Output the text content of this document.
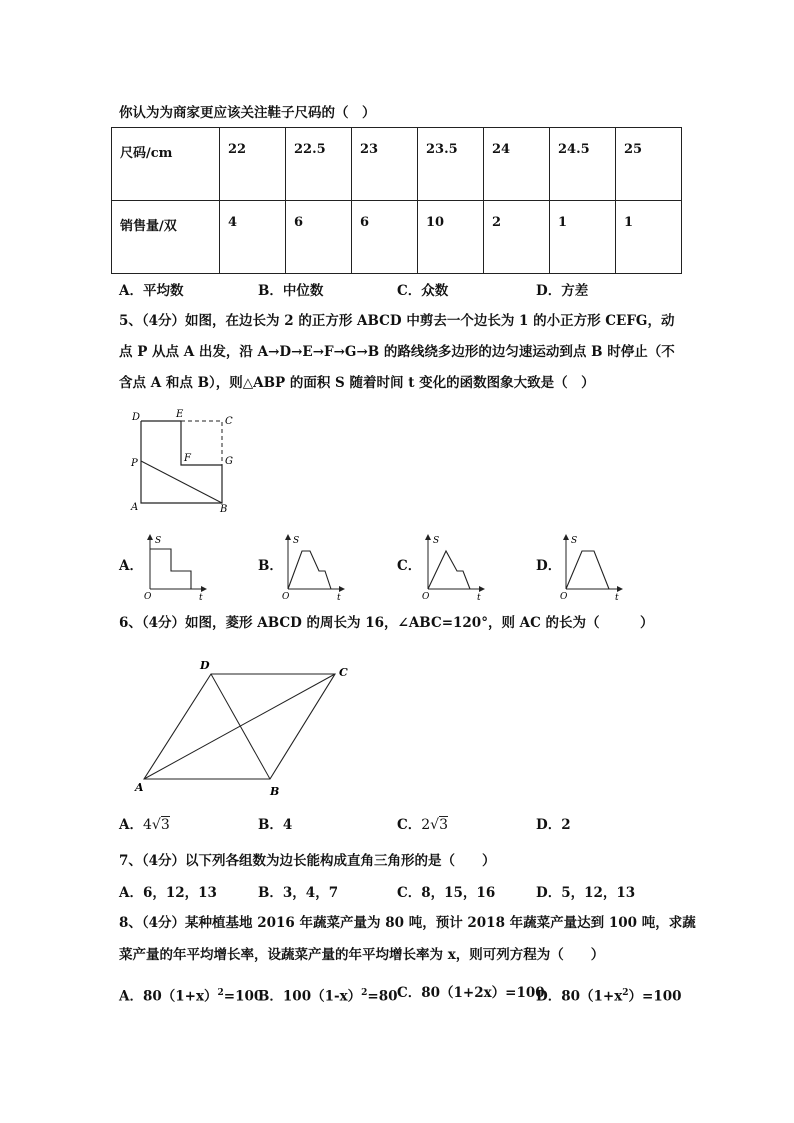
你认为为商家更应该关注鞋子尺码的（　）
尺码/cm	22	22.5	23	23.5	24	24.5	25
销售量/双	4	6	6	10	2	1	1
A．平均数	B．中位数	C．众数	D．方差
5、（4分）如图，在边长为 2 的正方形 ABCD 中剪去一个边长为 1 的小正方形 CEFG，动
点 P 从点 A 出发，沿 A→D→E→F→G→B 的路线绕多边形的边匀速运动到点 B 时停止（不
含点 A 和点 B），则△ABP 的面积 S 随着时间 t 变化的函数图象大致是（　）
D	E
C
P	F	G
A	B
A．
S
O	t
B．
S
O	t
C．
S
O	t
D．
S
O	t
6、（4分）如图，菱形 ABCD 的周长为 16，∠ABC=120°，则 AC 的长为（　　　）
D
C
A	B
A．4√3	B．4	C．2√3	D．2
7、（4分）以下列各组数为边长能构成直角三角形的是（　　）
A．6，12，13	B．3，4，7	C．8，15，16	D．5，12，13
8、（4分）某种植基地 2016 年蔬菜产量为 80 吨，预计 2018 年蔬菜产量达到 100 吨，求蔬
菜产量的年平均增长率，设蔬菜产量的年平均增长率为 x，则可列方程为（　　）
A．$80(1+x)^2=100$
B．$100(1-x)^2=80$ C．80（1+2x）=100
D．$80(1+x^2)=100$
